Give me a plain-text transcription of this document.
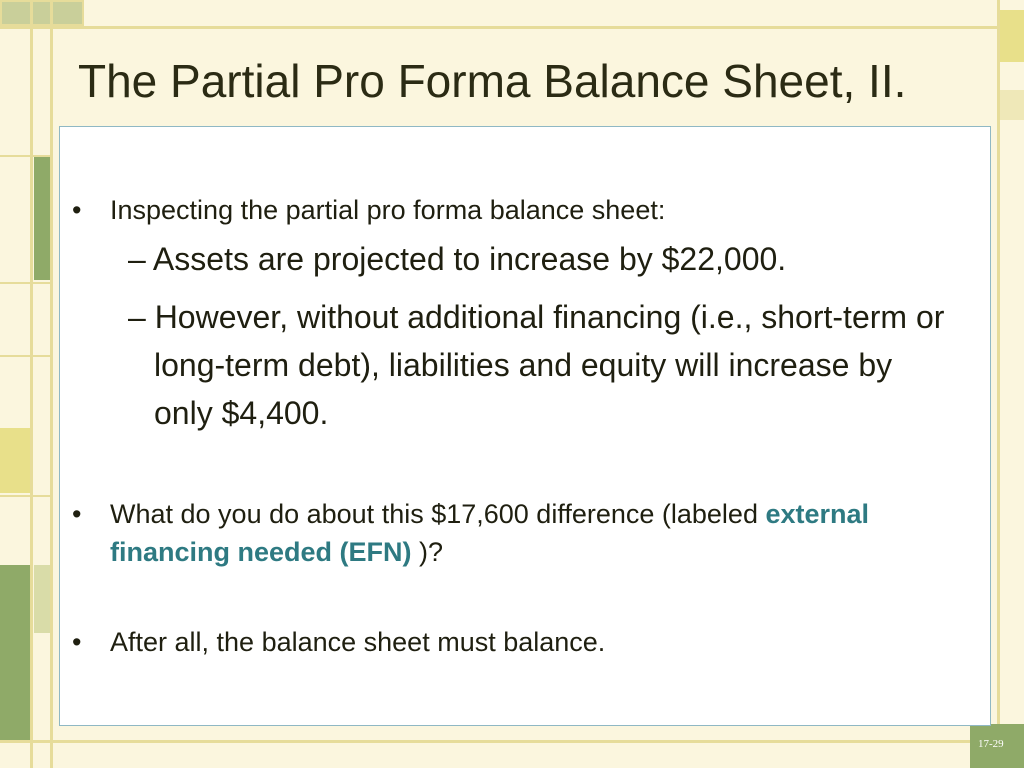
The Partial Pro Forma Balance Sheet, II.
• Inspecting the partial pro forma balance sheet:
– Assets are projected to increase by $22,000.
– However, without additional financing (i.e., short-term or long-term debt), liabilities and equity will increase by only $4,400.
• What do you do about this $17,600 difference (labeled external financing needed (EFN) )?
• After all, the balance sheet must balance.
17-29
